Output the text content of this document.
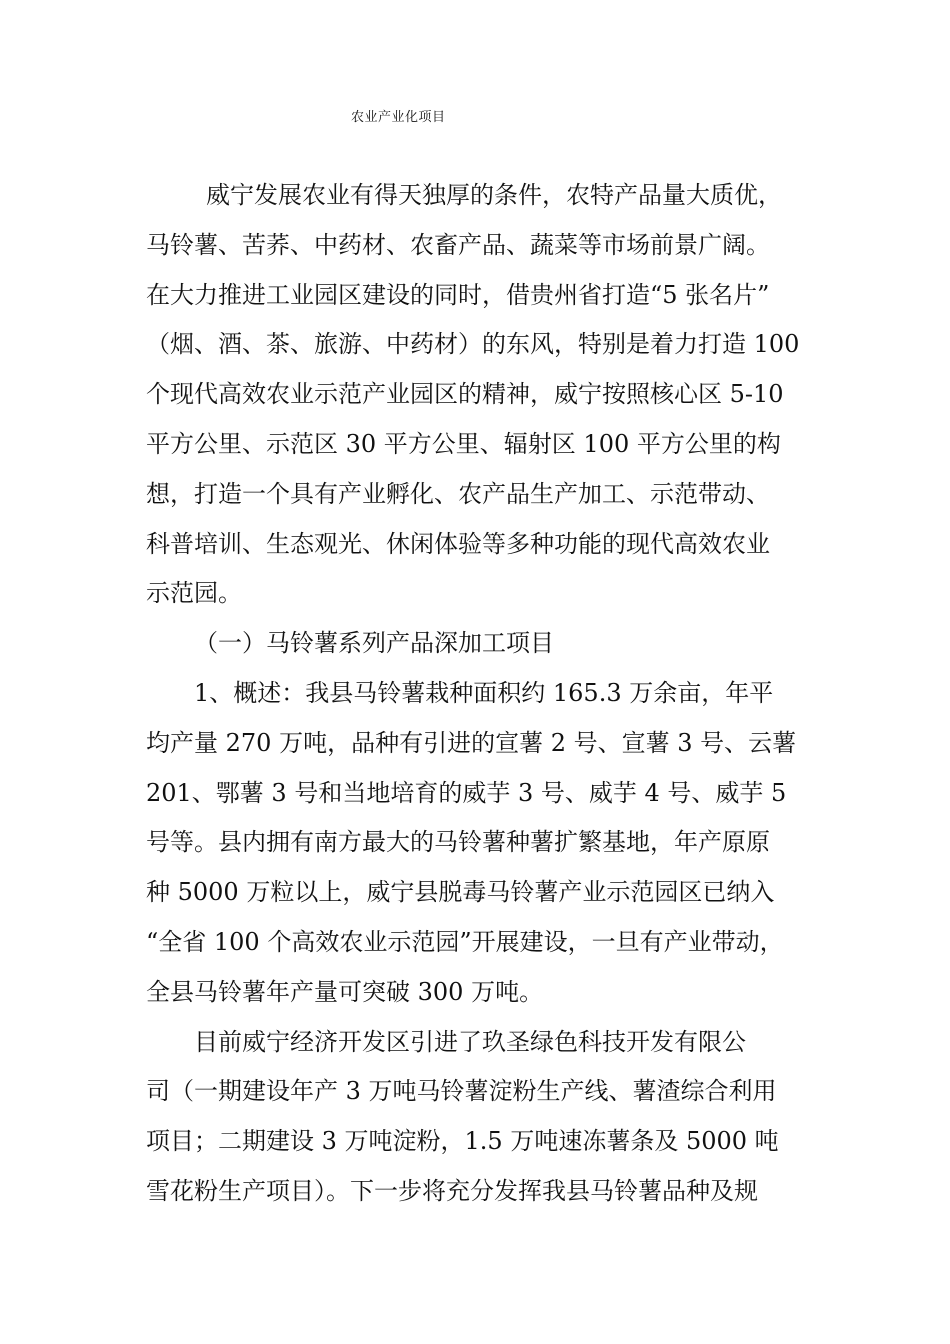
农业产业化项目
威宁发展农业有得天独厚的条件，农特产品量大质优，
马铃薯、苦荞、中药材、农畜产品、蔬菜等市场前景广阔。
在大力推进工业园区建设的同时，借贵州省打造“5 张名片”
（烟、酒、茶、旅游、中药材）的东风，特别是着力打造 100
个现代高效农业示范产业园区的精神，威宁按照核心区 5-10
平方公里、示范区 30 平方公里、辐射区 100 平方公里的构
想，打造一个具有产业孵化、农产品生产加工、示范带动、
科普培训、生态观光、休闲体验等多种功能的现代高效农业
示范园。
（一）马铃薯系列产品深加工项目
1、概述：我县马铃薯栽种面积约 165.3 万余亩，年平
均产量 270 万吨，品种有引进的宣薯 2 号、宣薯 3 号、云薯
201、鄂薯 3 号和当地培育的威芋 3 号、威芋 4 号、威芋 5
号等。县内拥有南方最大的马铃薯种薯扩繁基地，年产原原
种 5000 万粒以上，威宁县脱毒马铃薯产业示范园区已纳入
“全省 100 个高效农业示范园”开展建设，一旦有产业带动，
全县马铃薯年产量可突破 300 万吨。
目前威宁经济开发区引进了玖圣绿色科技开发有限公
司（一期建设年产 3 万吨马铃薯淀粉生产线、薯渣综合利用
项目；二期建设 3 万吨淀粉，1.5 万吨速冻薯条及 5000 吨
雪花粉生产项目）。下一步将充分发挥我县马铃薯品种及规
